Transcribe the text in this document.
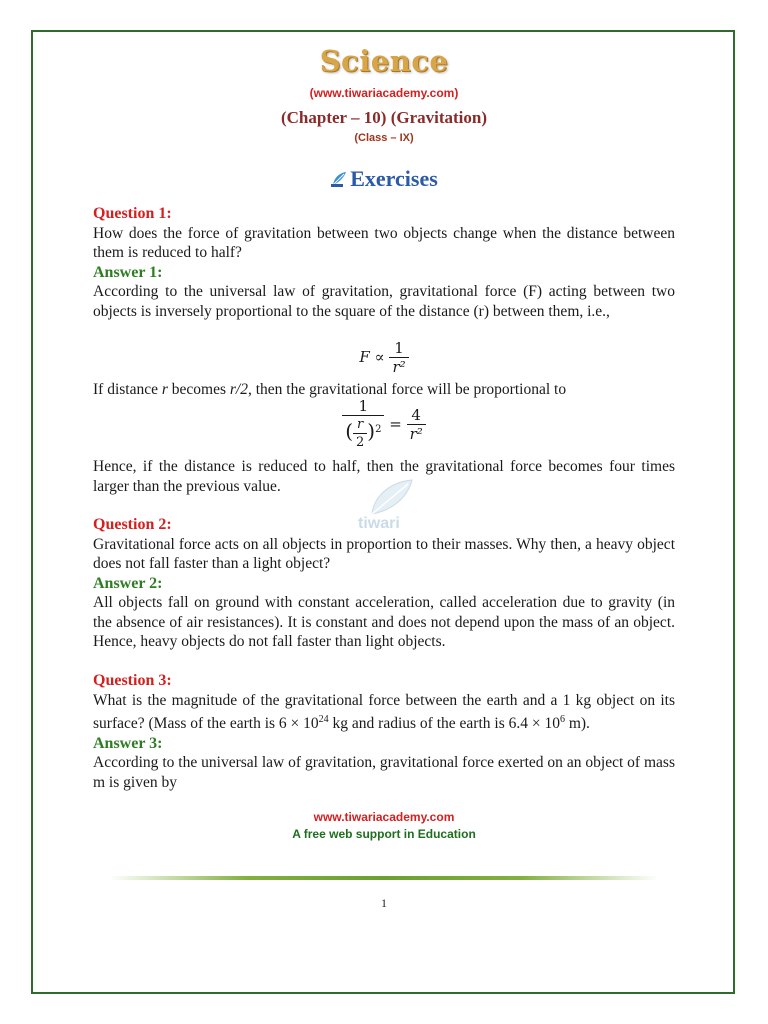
Science
(www.tiwariacademy.com)
(Chapter – 10) (Gravitation)
(Class – IX)
Exercises
Question 1:

How does the force of gravitation between two objects change when the distance between them is reduced to half?

Answer 1:

According to the universal law of gravitation, gravitational force (F) acting between two objects is inversely proportional to the square of the distance (r) between them, i.e.,

$F \propto \frac{1}{\text{r²}}$

If distance r becomes r/2, then the gravitational force will be proportional to

$\frac{1}{( \frac{r}{2} )^2} = \frac{4}{\text{r²}}$

Hence, if the distance is reduced to half, then the gravitational force becomes four times larger than the previous value.

tiwari
Question 2:

Gravitational force acts on all objects in proportion to their masses. Why then, a heavy object does not fall faster than a light object?

Answer 2:

All objects fall on ground with constant acceleration, called acceleration due to gravity (in the absence of air resistances). It is constant and does not depend upon the mass of an object. Hence, heavy objects do not fall faster than light objects.

Question 3:

What is the magnitude of the gravitational force between the earth and a 1 kg object on its surface? (Mass of the earth is $6 \times 10^{24}$ kg and radius of the earth is $6.4 \times 10^6$ m).

Answer 3:

According to the universal law of gravitation, gravitational force exerted on an object of mass m is given by

www.tiwariacademy.com
A free web support in Education
1
